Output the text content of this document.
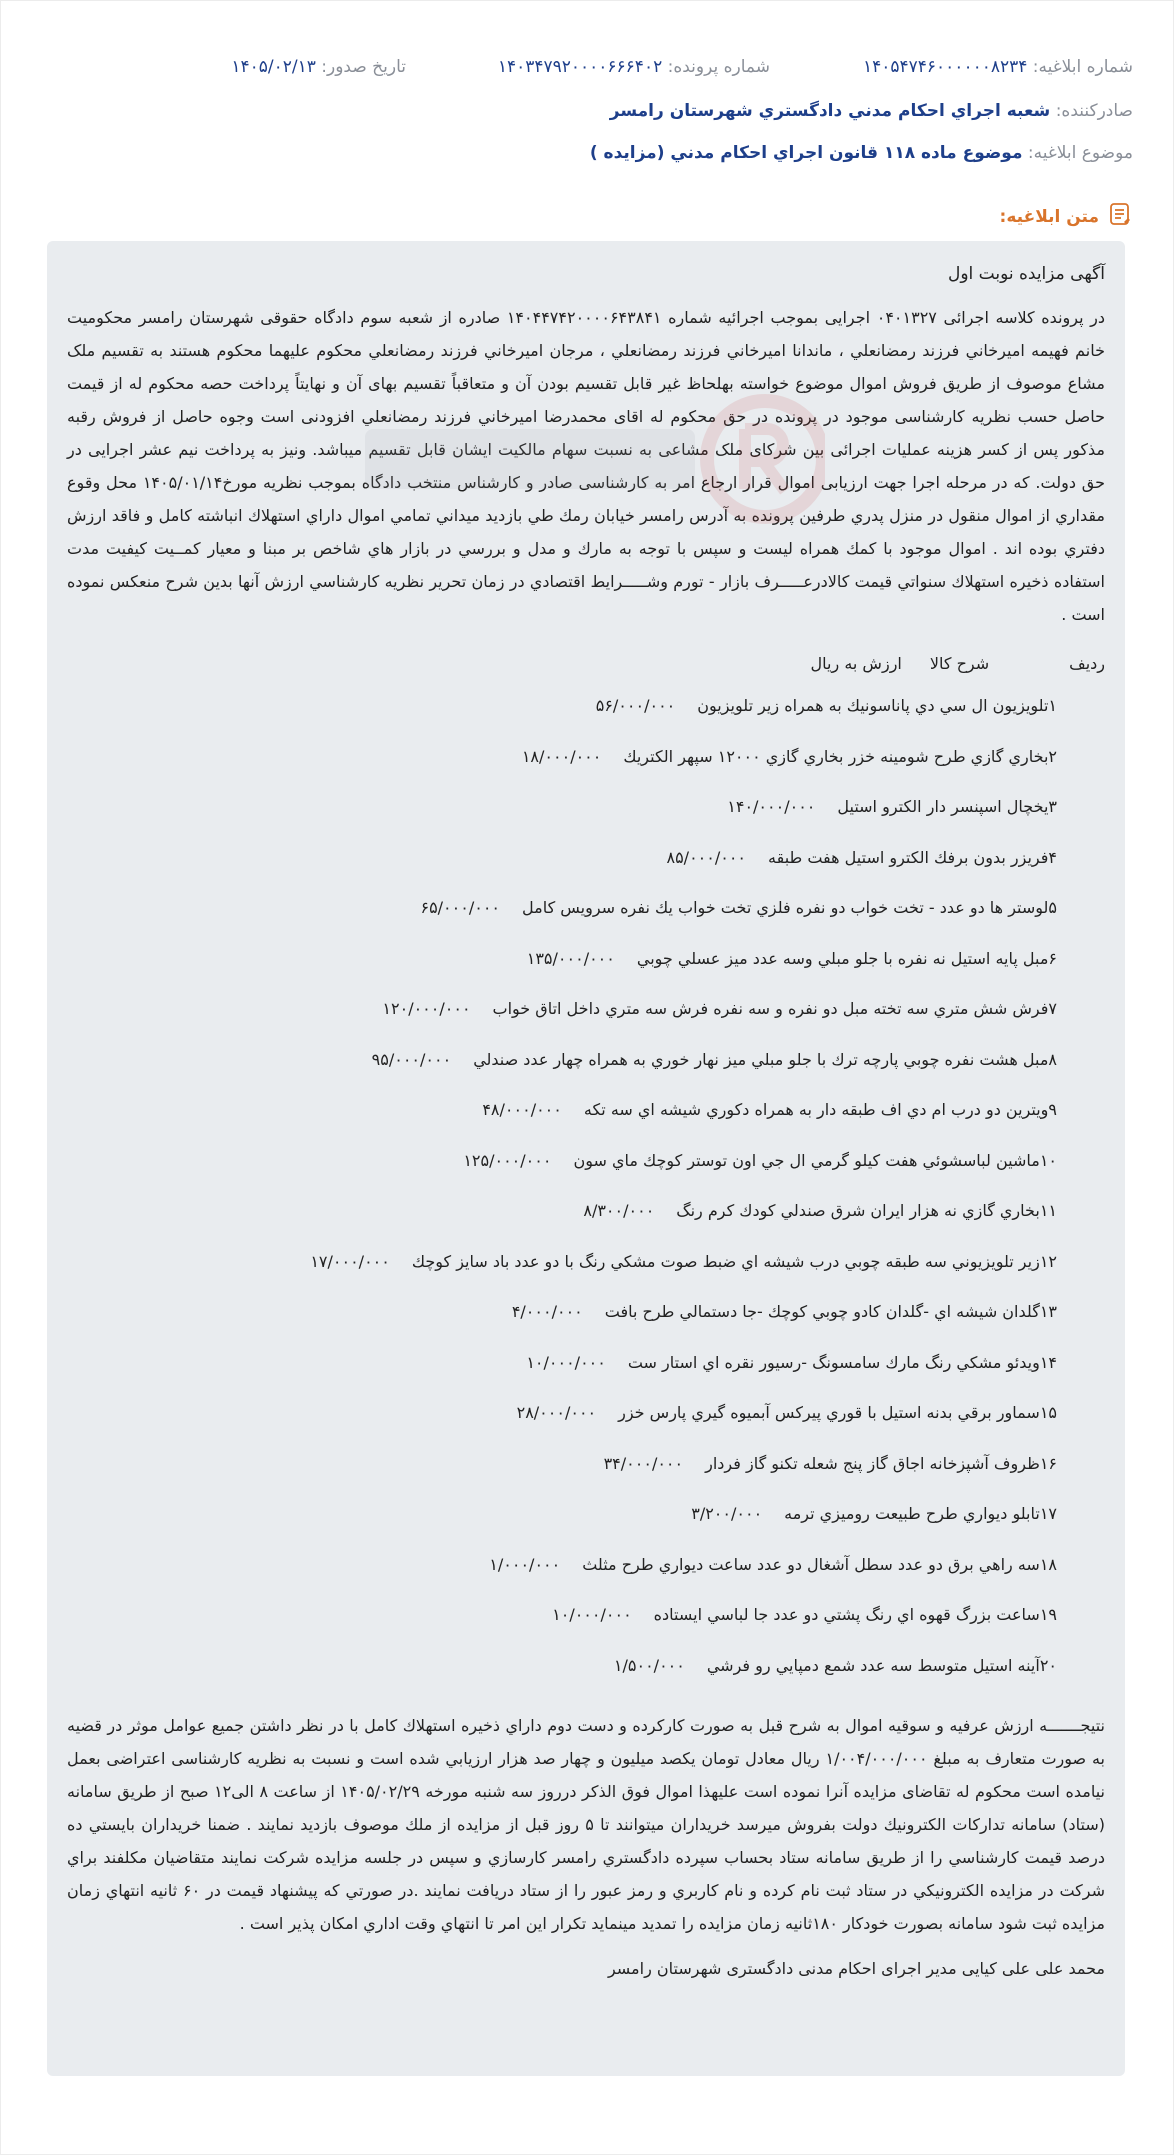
شماره ابلاغيه: ۱۴۰۵۴۷۴۶۰۰۰۰۰۰۸۲۳۴
شماره پرونده: ۱۴۰۳۴۷۹۲۰۰۰۰۶۶۶۴۰۲
تاريخ صدور: ۱۴۰۵/۰۲/۱۳
صادرکننده: شعبه اجراي احکام مدني دادگستري شهرستان رامسر
موضوع ابلاغيه: موضوع ماده ۱۱۸ قانون اجراي احکام مدني (مزايده )
متن ابلاغيه:
آگهی مزایده نوبت اول
در پرونده کلاسه اجرائی ۰۴۰۱۳۲۷ اجرایی بموجب اجرائیه شماره ۱۴۰۴۴۷۴۲۰۰۰۰۶۴۳۸۴۱ صادره از شعبه سوم دادگاه حقوقی شهرستان رامسر محکومیت خانم فهیمه امیرخاني فرزند رمضانعلي ، ماندانا امیرخاني فرزند رمضانعلي ، مرجان امیرخاني فرزند رمضانعلي محکوم علیهما محکوم هستند به تقسیم ملک مشاع موصوف از طریق فروش اموال موضوع خواسته بهلحاظ غیر قابل تقسیم بودن آن و متعاقباً تقسیم بهای آن و نهایتاً پرداخت حصه محکوم له از قیمت حاصل حسب نظریه کارشناسی موجود در پرونده در حق محکوم له اقای محمدرضا امیرخاني فرزند رمضانعلي افزودنی است وجوه حاصل از فروش رقبه مذکور پس از کسر هزینه عملیات اجرائی بین شرکای ملک مشاعی به نسبت سهام مالکیت ایشان قابل تقسیم میباشد. ونیز به پرداخت نیم عشر اجرایی در حق دولت. که در مرحله اجرا جهت ارزیابی اموال قرار ارجاع امر به کارشناسی صادر و کارشناس منتخب دادگاه بموجب نظریه مورخ۱۴۰۵/۰۱/۱۴ محل وقوع مقداري از اموال منقول در منزل پدري طرفين پرونده به آدرس رامسر خيابان رمك طي بازديد ميداني تمامي اموال داراي استهلاك انباشته كامل و فاقد ارزش دفتري بوده اند . اموال موجود با كمك همراه ليست و سپس با توجه به مارك و مدل و بررسي در بازار هاي شاخص بر مبنا و معيار كمــيت كيفيت مدت استفاده ذخيره استهلاك سنواتي قيمت كالادرعـــــرف بازار - تورم وشـــــرايط اقتصادي در زمان تحرير نظريه كارشناسي ارزش آنها بدين شرح منعكس نموده است .
رديف
شرح كالا
ارزش به ريال
۱تلويزيون ال سي دي پاناسونيك به همراه زير تلويزيون۵۶/۰۰۰/۰۰۰
۲بخاري گازي طرح شومينه خزر بخاري گازي ۱۲۰۰۰ سپهر الكتريك۱۸/۰۰۰/۰۰۰
۳يخچال اسپنسر دار الكترو استيل۱۴۰/۰۰۰/۰۰۰
۴فريزر بدون برفك الكترو استيل هفت طبقه۸۵/۰۰۰/۰۰۰
۵لوستر ها دو عدد - تخت خواب دو نفره فلزي تخت خواب يك نفره سرويس كامل۶۵/۰۰۰/۰۰۰
۶مبل پايه استيل نه نفره با جلو مبلي وسه عدد ميز عسلي چوبي۱۳۵/۰۰۰/۰۰۰
۷فرش شش متري سه تخته مبل دو نفره و سه نفره فرش سه متري داخل اتاق خواب۱۲۰/۰۰۰/۰۰۰
۸مبل هشت نفره چوبي پارچه ترك با جلو مبلي ميز نهار خوري به همراه چهار عدد صندلي۹۵/۰۰۰/۰۰۰
۹ويترين دو درب ام دي اف طبقه دار به همراه دكوري شيشه اي سه تكه۴۸/۰۰۰/۰۰۰
۱۰ماشين لباسشوئي هفت كيلو گرمي ال جي اون توستر كوچك ماي سون۱۲۵/۰۰۰/۰۰۰
۱۱بخاري گازي نه هزار ايران شرق صندلي كودك كرم رنگ۸/۳۰۰/۰۰۰
۱۲زير تلويزيوني سه طبقه چوبي درب شيشه اي ضبط صوت مشكي رنگ با دو عدد باد سايز كوچك۱۷/۰۰۰/۰۰۰
۱۳گلدان شيشه اي -گلدان كادو چوبي كوچك -جا دستمالي طرح بافت۴/۰۰۰/۰۰۰
۱۴ويدئو مشكي رنگ مارك سامسونگ -رسيور نقره اي استار ست۱۰/۰۰۰/۰۰۰
۱۵سماور برقي بدنه استيل با قوري پيركس آبميوه گيري پارس خزر۲۸/۰۰۰/۰۰۰
۱۶ظروف آشپزخانه اجاق گاز پنج شعله تكنو گاز فردار۳۴/۰۰۰/۰۰۰
۱۷تابلو ديواري طرح طبيعت روميزي ترمه۳/۲۰۰/۰۰۰
۱۸سه راهي برق دو عدد سطل آشغال دو عدد ساعت ديواري طرح مثلث۱/۰۰۰/۰۰۰
۱۹ساعت بزرگ قهوه اي رنگ پشتي دو عدد جا لباسي ايستاده۱۰/۰۰۰/۰۰۰
۲۰آينه استيل متوسط سه عدد شمع دمپايي رو فرشي۱/۵۰۰/۰۰۰
نتيجـــــــه ارزش عرفيه و سوقيه اموال به شرح قبل به صورت كاركرده و دست دوم داراي ذخيره استهلاك كامل با در نظر داشتن جميع عوامل موثر در قضيه به صورت متعارف به مبلغ ۱/۰۰۴/۰۰۰/۰۰۰ ريال معادل تومان يكصد ميليون و چهار صد هزار ارزيابي شده است و نسبت به نظریه کارشناسی اعتراضی بعمل نیامده است محکوم له تقاضای مزایده آنرا نموده است علیهذا اموال فوق الذکر درروز سه شنبه مورخه ۱۴۰۵/۰۲/۲۹ از ساعت ۸ الی۱۲ صبح از طریق سامانه (ستاد) سامانه تداركات الكترونيك دولت بفروش ميرسد خريداران ميتوانند تا ۵ روز قبل از مزايده از ملك موصوف بازديد نمايند . ضمنا خريداران بايستي ده درصد قيمت كارشناسي را از طريق سامانه ستاد بحساب سپرده دادگستري رامسر كارسازي و سپس در جلسه مزايده شركت نمايند متقاضيان مكلفند براي شركت در مزايده الكترونيكي در ستاد ثبت نام كرده و نام كاربري و رمز عبور را از ستاد دريافت نمايند .در صورتي كه پيشنهاد قيمت در ۶۰ ثانيه انتهاي زمان مزايده ثبت شود سامانه بصورت خودكار ۱۸۰ثانيه زمان مزايده را تمديد مينمايد تكرار اين امر تا انتهاي وقت اداري امكان پذير است .
محمد علی علی کیایی مدیر اجرای احکام مدنی دادگستری شهرستان رامسر
